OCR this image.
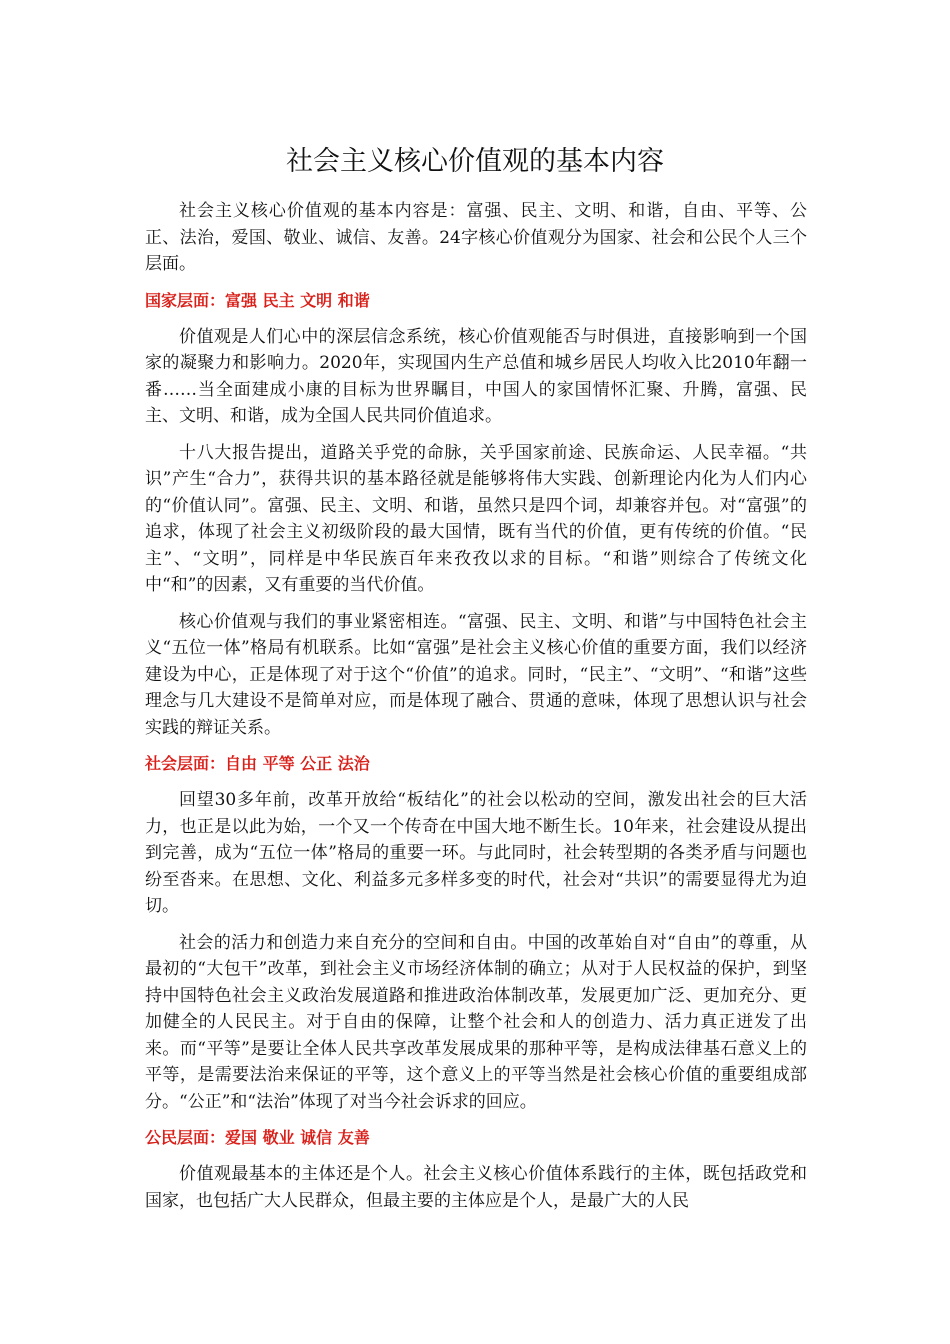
社会主义核心价值观的基本内容

社会主义核心价值观的基本内容是：富强、民主、文明、和谐，自由、平等、公正、法治，爱国、敬业、诚信、友善。24字核心价值观分为国家、社会和公民个人三个层面。

国家层面：富强 民主 文明 和谐

价值观是人们心中的深层信念系统，核心价值观能否与时俱进，直接影响到一个国家的凝聚力和影响力。2020年，实现国内生产总值和城乡居民人均收入比2010年翻一番……当全面建成小康的目标为世界瞩目，中国人的家国情怀汇聚、升腾，富强、民主、文明、和谐，成为全国人民共同价值追求。

十八大报告提出，道路关乎党的命脉，关乎国家前途、民族命运、人民幸福。“共识”产生“合力”，获得共识的基本路径就是能够将伟大实践、创新理论内化为人们内心的“价值认同”。富强、民主、文明、和谐，虽然只是四个词，却兼容并包。对“富强”的追求，体现了社会主义初级阶段的最大国情，既有当代的价值，更有传统的价值。“民主”、“文明”，同样是中华民族百年来孜孜以求的目标。“和谐”则综合了传统文化中“和”的因素，又有重要的当代价值。

核心价值观与我们的事业紧密相连。“富强、民主、文明、和谐”与中国特色社会主义“五位一体”格局有机联系。比如“富强”是社会主义核心价值的重要方面，我们以经济建设为中心，正是体现了对于这个“价值”的追求。同时，“民主”、“文明”、“和谐”这些理念与几大建设不是简单对应，而是体现了融合、贯通的意味，体现了思想认识与社会实践的辩证关系。

社会层面：自由 平等 公正 法治

回望30多年前，改革开放给“板结化”的社会以松动的空间，激发出社会的巨大活力，也正是以此为始，一个又一个传奇在中国大地不断生长。10年来，社会建设从提出到完善，成为“五位一体”格局的重要一环。与此同时，社会转型期的各类矛盾与问题也纷至沓来。在思想、文化、利益多元多样多变的时代，社会对“共识”的需要显得尤为迫切。

社会的活力和创造力来自充分的空间和自由。中国的改革始自对“自由”的尊重，从最初的“大包干”改革，到社会主义市场经济体制的确立；从对于人民权益的保护，到坚持中国特色社会主义政治发展道路和推进政治体制改革，发展更加广泛、更加充分、更加健全的人民民主。对于自由的保障，让整个社会和人的创造力、活力真正迸发了出来。而“平等”是要让全体人民共享改革发展成果的那种平等，是构成法律基石意义上的平等，是需要法治来保证的平等，这个意义上的平等当然是社会核心价值的重要组成部分。“公正”和“法治”体现了对当今社会诉求的回应。

公民层面：爱国 敬业 诚信 友善

价值观最基本的主体还是个人。社会主义核心价值体系践行的主体，既包括政党和国家，也包括广大人民群众，但最主要的主体应是个人，是最广大的人民
